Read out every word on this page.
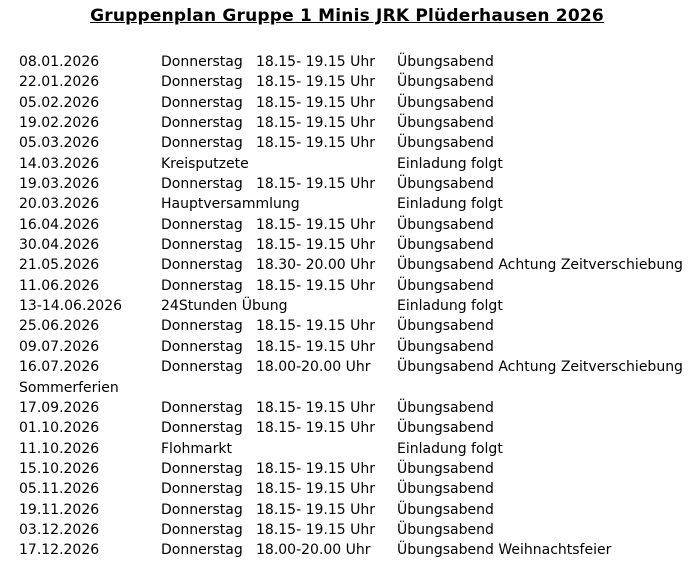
Gruppenplan Gruppe 1 Minis JRK Plüderhausen 2026
08.01.2026	Donnerstag 18.15- 19.15 Uhr Übungsabend
22.01.2026	Donnerstag 18.15- 19.15 Uhr Übungsabend
05.02.2026	Donnerstag 18.15- 19.15 Uhr Übungsabend
19.02.2026	Donnerstag 18.15- 19.15 Uhr Übungsabend
05.03.2026	Donnerstag 18.15- 19.15 Uhr Übungsabend
14.03.2026	Kreisputzete	Einladung folgt
19.03.2026	Donnerstag 18.15- 19.15 Uhr Übungsabend
20.03.2026	Hauptversammlung	Einladung folgt
16.04.2026	Donnerstag 18.15- 19.15 Uhr Übungsabend
30.04.2026	Donnerstag 18.15- 19.15 Uhr Übungsabend
21.05.2026	Donnerstag 18.30- 20.00 Uhr Übungsabend Achtung Zeitverschiebung
11.06.2026	Donnerstag 18.15- 19.15 Uhr Übungsabend
13-14.06.2026	24Stunden Übung	Einladung folgt
25.06.2026	Donnerstag 18.15- 19.15 Uhr Übungsabend
09.07.2026	Donnerstag 18.15- 19.15 Uhr Übungsabend
16.07.2026	Donnerstag 18.00-20.00 Uhr Übungsabend Achtung Zeitverschiebung
Sommerferien
17.09.2026	Donnerstag 18.15- 19.15 Uhr Übungsabend
01.10.2026	Donnerstag 18.15- 19.15 Uhr Übungsabend
11.10.2026	Flohmarkt	Einladung folgt
15.10.2026	Donnerstag 18.15- 19.15 Uhr Übungsabend
05.11.2026	Donnerstag 18.15- 19.15 Uhr Übungsabend
19.11.2026	Donnerstag 18.15- 19.15 Uhr Übungsabend
03.12.2026	Donnerstag 18.15- 19.15 Uhr Übungsabend
17.12.2026	Donnerstag 18.00-20.00 Uhr Übungsabend Weihnachtsfeier
